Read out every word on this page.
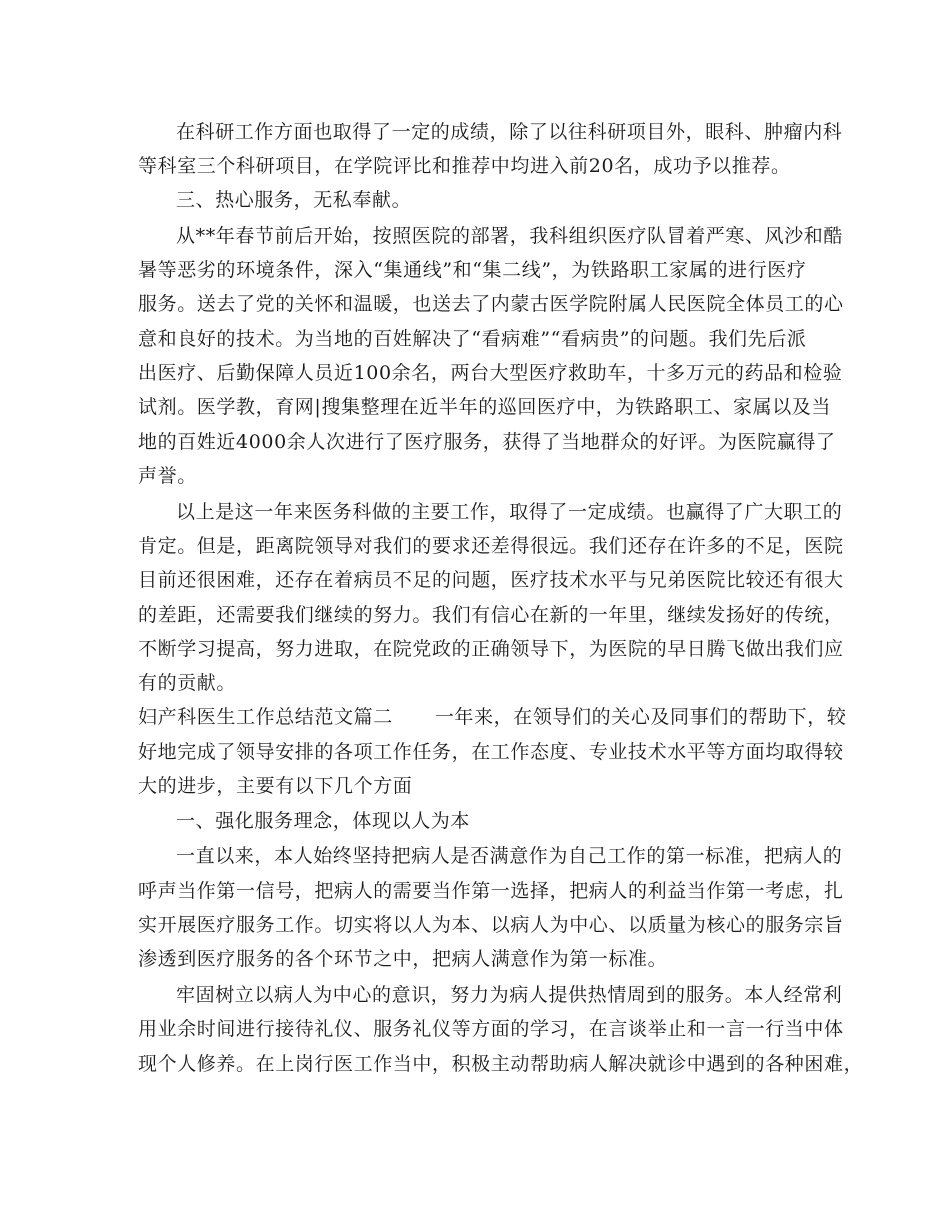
在科研工作方面也取得了一定的成绩，除了以往科研项目外，眼科、肿瘤内科
等科室三个科研项目，在学院评比和推荐中均进入前20名，成功予以推荐。
三、热心服务，无私奉献。
从**年春节前后开始，按照医院的部署，我科组织医疗队冒着严寒、风沙和酷
暑等恶劣的环境条件，深入“集通线”和“集二线”，为铁路职工家属的进行医疗
服务。送去了党的关怀和温暖，也送去了内蒙古医学院附属人民医院全体员工的心
意和良好的技术。为当地的百姓解决了“看病难”“看病贵”的问题。我们先后派
出医疗、后勤保障人员近100余名，两台大型医疗救助车，十多万元的药品和检验
试剂。医学教，育网|搜集整理在近半年的巡回医疗中，为铁路职工、家属以及当
地的百姓近4000余人次进行了医疗服务，获得了当地群众的好评。为医院赢得了
声誉。
以上是这一年来医务科做的主要工作，取得了一定成绩。也赢得了广大职工的
肯定。但是，距离院领导对我们的要求还差得很远。我们还存在许多的不足，医院
目前还很困难，还存在着病员不足的问题，医疗技术水平与兄弟医院比较还有很大
的差距，还需要我们继续的努力。我们有信心在新的一年里，继续发扬好的传统，
不断学习提高，努力进取，在院党政的正确领导下，为医院的早日腾飞做出我们应
有的贡献。
妇产科医生工作总结范文篇二 一年来，在领导们的关心及同事们的帮助下，较
好地完成了领导安排的各项工作任务，在工作态度、专业技术水平等方面均取得较
大的进步，主要有以下几个方面
一、强化服务理念，体现以人为本
一直以来，本人始终坚持把病人是否满意作为自己工作的第一标准，把病人的
呼声当作第一信号，把病人的需要当作第一选择，把病人的利益当作第一考虑，扎
实开展医疗服务工作。切实将以人为本、以病人为中心、以质量为核心的服务宗旨
渗透到医疗服务的各个环节之中，把病人满意作为第一标准。
牢固树立以病人为中心的意识，努力为病人提供热情周到的服务。本人经常利
用业余时间进行接待礼仪、服务礼仪等方面的学习，在言谈举止和一言一行当中体
现个人修养。在上岗行医工作当中，积极主动帮助病人解决就诊中遇到的各种困难，
